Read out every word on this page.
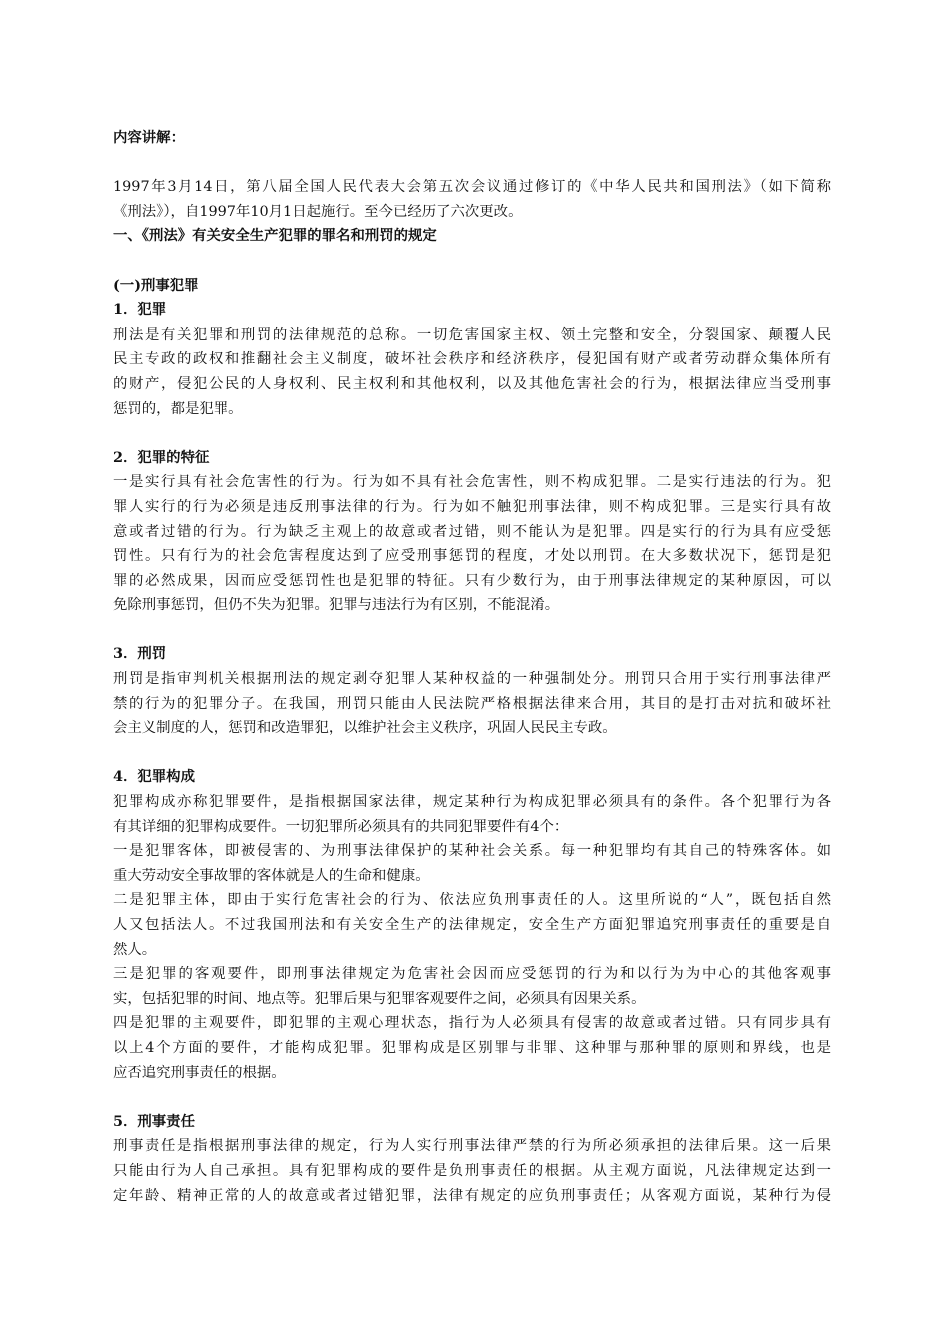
内容讲解：
1997年3月14日，第八届全国人民代表大会第五次会议通过修订的《中华人民共和国刑法》（如下简称
《刑法》），自1997年10月1日起施行。至今已经历了六次更改。
一、《刑法》有关安全生产犯罪的罪名和刑罚的规定
(一)刑事犯罪
1．犯罪
刑法是有关犯罪和刑罚的法律规范的总称。一切危害国家主权、领土完整和安全，分裂国家、颠覆人民
民主专政的政权和推翻社会主义制度，破坏社会秩序和经济秩序，侵犯国有财产或者劳动群众集体所有
的财产，侵犯公民的人身权利、民主权利和其他权利，以及其他危害社会的行为，根据法律应当受刑事
惩罚的，都是犯罪。
2．犯罪的特征
一是实行具有社会危害性的行为。行为如不具有社会危害性，则不构成犯罪。二是实行违法的行为。犯
罪人实行的行为必须是违反刑事法律的行为。行为如不触犯刑事法律，则不构成犯罪。三是实行具有故
意或者过错的行为。行为缺乏主观上的故意或者过错，则不能认为是犯罪。四是实行的行为具有应受惩
罚性。只有行为的社会危害程度达到了应受刑事惩罚的程度，才处以刑罚。在大多数状况下，惩罚是犯
罪的必然成果，因而应受惩罚性也是犯罪的特征。只有少数行为，由于刑事法律规定的某种原因，可以
免除刑事惩罚，但仍不失为犯罪。犯罪与违法行为有区别，不能混淆。
3．刑罚
刑罚是指审判机关根据刑法的规定剥夺犯罪人某种权益的一种强制处分。刑罚只合用于实行刑事法律严
禁的行为的犯罪分子。在我国，刑罚只能由人民法院严格根据法律来合用，其目的是打击对抗和破坏社
会主义制度的人，惩罚和改造罪犯，以维护社会主义秩序，巩固人民民主专政。
4．犯罪构成
犯罪构成亦称犯罪要件，是指根据国家法律，规定某种行为构成犯罪必须具有的条件。各个犯罪行为各
有其详细的犯罪构成要件。一切犯罪所必须具有的共同犯罪要件有4个：
一是犯罪客体，即被侵害的、为刑事法律保护的某种社会关系。每一种犯罪均有其自己的特殊客体。如
重大劳动安全事故罪的客体就是人的生命和健康。
二是犯罪主体，即由于实行危害社会的行为、依法应负刑事责任的人。这里所说的“人”，既包括自然
人又包括法人。不过我国刑法和有关安全生产的法律规定，安全生产方面犯罪追究刑事责任的重要是自
然人。
三是犯罪的客观要件，即刑事法律规定为危害社会因而应受惩罚的行为和以行为为中心的其他客观事
实，包括犯罪的时间、地点等。犯罪后果与犯罪客观要件之间，必须具有因果关系。
四是犯罪的主观要件，即犯罪的主观心理状态，指行为人必须具有侵害的故意或者过错。只有同步具有
以上4个方面的要件，才能构成犯罪。犯罪构成是区别罪与非罪、这种罪与那种罪的原则和界线，也是
应否追究刑事责任的根据。
5．刑事责任
刑事责任是指根据刑事法律的规定，行为人实行刑事法律严禁的行为所必须承担的法律后果。这一后果
只能由行为人自己承担。具有犯罪构成的要件是负刑事责任的根据。从主观方面说，凡法律规定达到一
定年龄、精神正常的人的故意或者过错犯罪，法律有规定的应负刑事责任；从客观方面说，某种行为侵
